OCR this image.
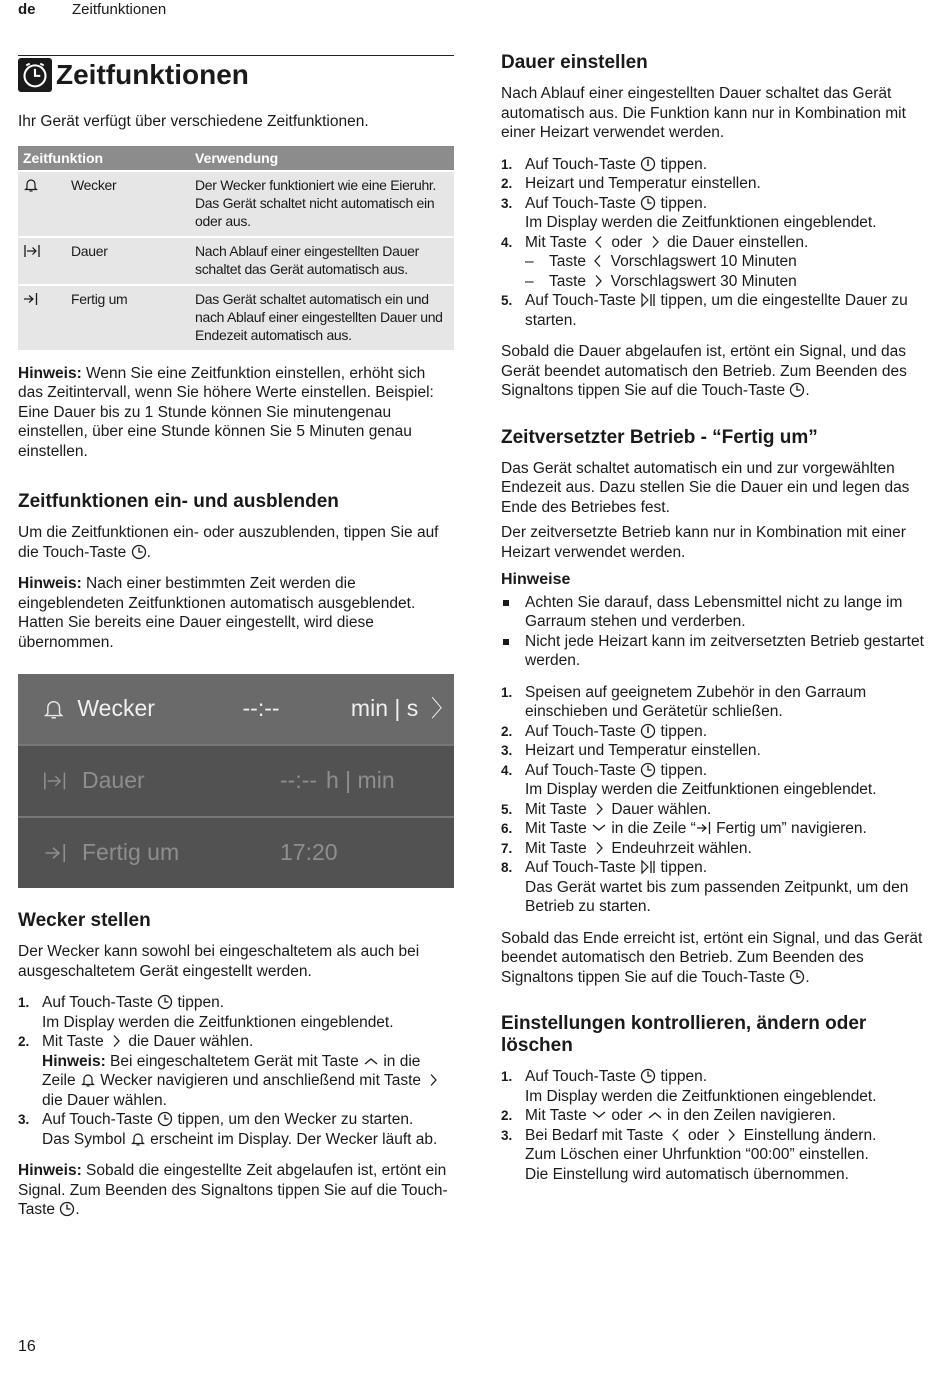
de Zeitfunktionen
Zeitfunktionen

Ihr Gerät verfügt über verschiedene Zeitfunktionen.

Zeitfunktion	Verwendung
Wecker	Der Wecker funktioniert wie eine Eieruhr. Das Gerät schaltet nicht automatisch ein oder aus.
Dauer	Nach Ablauf einer eingestellten Dauer schaltet das Gerät automatisch aus.
Fertig um	Das Gerät schaltet automatisch ein und nach Ablauf einer eingestellten Dauer und Endezeit automatisch aus.

Hinweis: Wenn Sie eine Zeitfunktion einstellen, erhöht sich das Zeitintervall, wenn Sie höhere Werte einstellen. Beispiel: Eine Dauer bis zu 1 Stunde können Sie minutengenau einstellen, über eine Stunde können Sie 5 Minuten genau einstellen.

Zeitfunktionen ein- und ausblenden

Um die Zeitfunktionen ein- oder auszublenden, tippen Sie auf die Touch-Taste .

Hinweis: Nach einer bestimmten Zeit werden die eingeblendeten Zeitfunktionen automatisch ausgeblendet. Hatten Sie bereits eine Dauer eingestellt, wird diese übernommen.

Wecker	--:--	min | s 〉
Dauer	--:-- h | min
Fertig um	17:20
Wecker stellen

Der Wecker kann sowohl bei eingeschaltetem als auch bei ausgeschaltetem Gerät eingestellt werden.

1. Auf Touch-Taste  tippen.
Im Display werden die Zeitfunktionen eingeblendet.
2. Mit Taste  die Dauer wählen.
Hinweis: Bei eingeschaltetem Gerät mit Taste  in die Zeile  Wecker navigieren und anschließend mit Taste  die Dauer wählen.
3. Auf Touch-Taste  tippen, um den Wecker zu starten.
Das Symbol  erscheint im Display. Der Wecker läuft ab.

Hinweis: Sobald die eingestellte Zeit abgelaufen ist, ertönt ein Signal. Zum Beenden des Signaltons tippen Sie auf die Touch-Taste .

Dauer einstellen

Nach Ablauf einer eingestellten Dauer schaltet das Gerät automatisch aus. Die Funktion kann nur in Kombination mit einer Heizart verwendet werden.

1. Auf Touch-Taste  tippen.
2. Heizart und Temperatur einstellen.
3. Auf Touch-Taste  tippen.
Im Display werden die Zeitfunktionen eingeblendet.
4. Mit Taste  oder  die Dauer einstellen.
– Taste  Vorschlagswert 10 Minuten
– Taste  Vorschlagswert 30 Minuten
5. Auf Touch-Taste  tippen, um die eingestellte Dauer zu starten.

Sobald die Dauer abgelaufen ist, ertönt ein Signal, und das Gerät beendet automatisch den Betrieb. Zum Beenden des Signaltons tippen Sie auf die Touch-Taste .

Zeitversetzter Betrieb - “Fertig um”

Das Gerät schaltet automatisch ein und zur vorgewählten Endezeit aus. Dazu stellen Sie die Dauer ein und legen das Ende des Betriebes fest.

Der zeitversetzte Betrieb kann nur in Kombination mit einer Heizart verwendet werden.

Hinweise
Achten Sie darauf, dass Lebensmittel nicht zu lange im Garraum stehen und verderben.
Nicht jede Heizart kann im zeitversetzten Betrieb gestartet werden.
1. Speisen auf geeignetem Zubehör in den Garraum einschieben und Gerätetür schließen.
2. Auf Touch-Taste  tippen.
3. Heizart und Temperatur einstellen.
4. Auf Touch-Taste  tippen.
Im Display werden die Zeitfunktionen eingeblendet.
5. Mit Taste  Dauer wählen.
6. Mit Taste  in die Zeile “ Fertig um” navigieren.
7. Mit Taste  Endeuhrzeit wählen.
8. Auf Touch-Taste  tippen.
Das Gerät wartet bis zum passenden Zeitpunkt, um den Betrieb zu starten.

Sobald das Ende erreicht ist, ertönt ein Signal, und das Gerät beendet automatisch den Betrieb. Zum Beenden des Signaltons tippen Sie auf die Touch-Taste .

Einstellungen kontrollieren, ändern oder löschen
1. Auf Touch-Taste  tippen.
Im Display werden die Zeitfunktionen eingeblendet.
2. Mit Taste  oder  in den Zeilen navigieren.
3. Bei Bedarf mit Taste  oder  Einstellung ändern.
Zum Löschen einer Uhrfunktion “00:00” einstellen.
Die Einstellung wird automatisch übernommen.
16
